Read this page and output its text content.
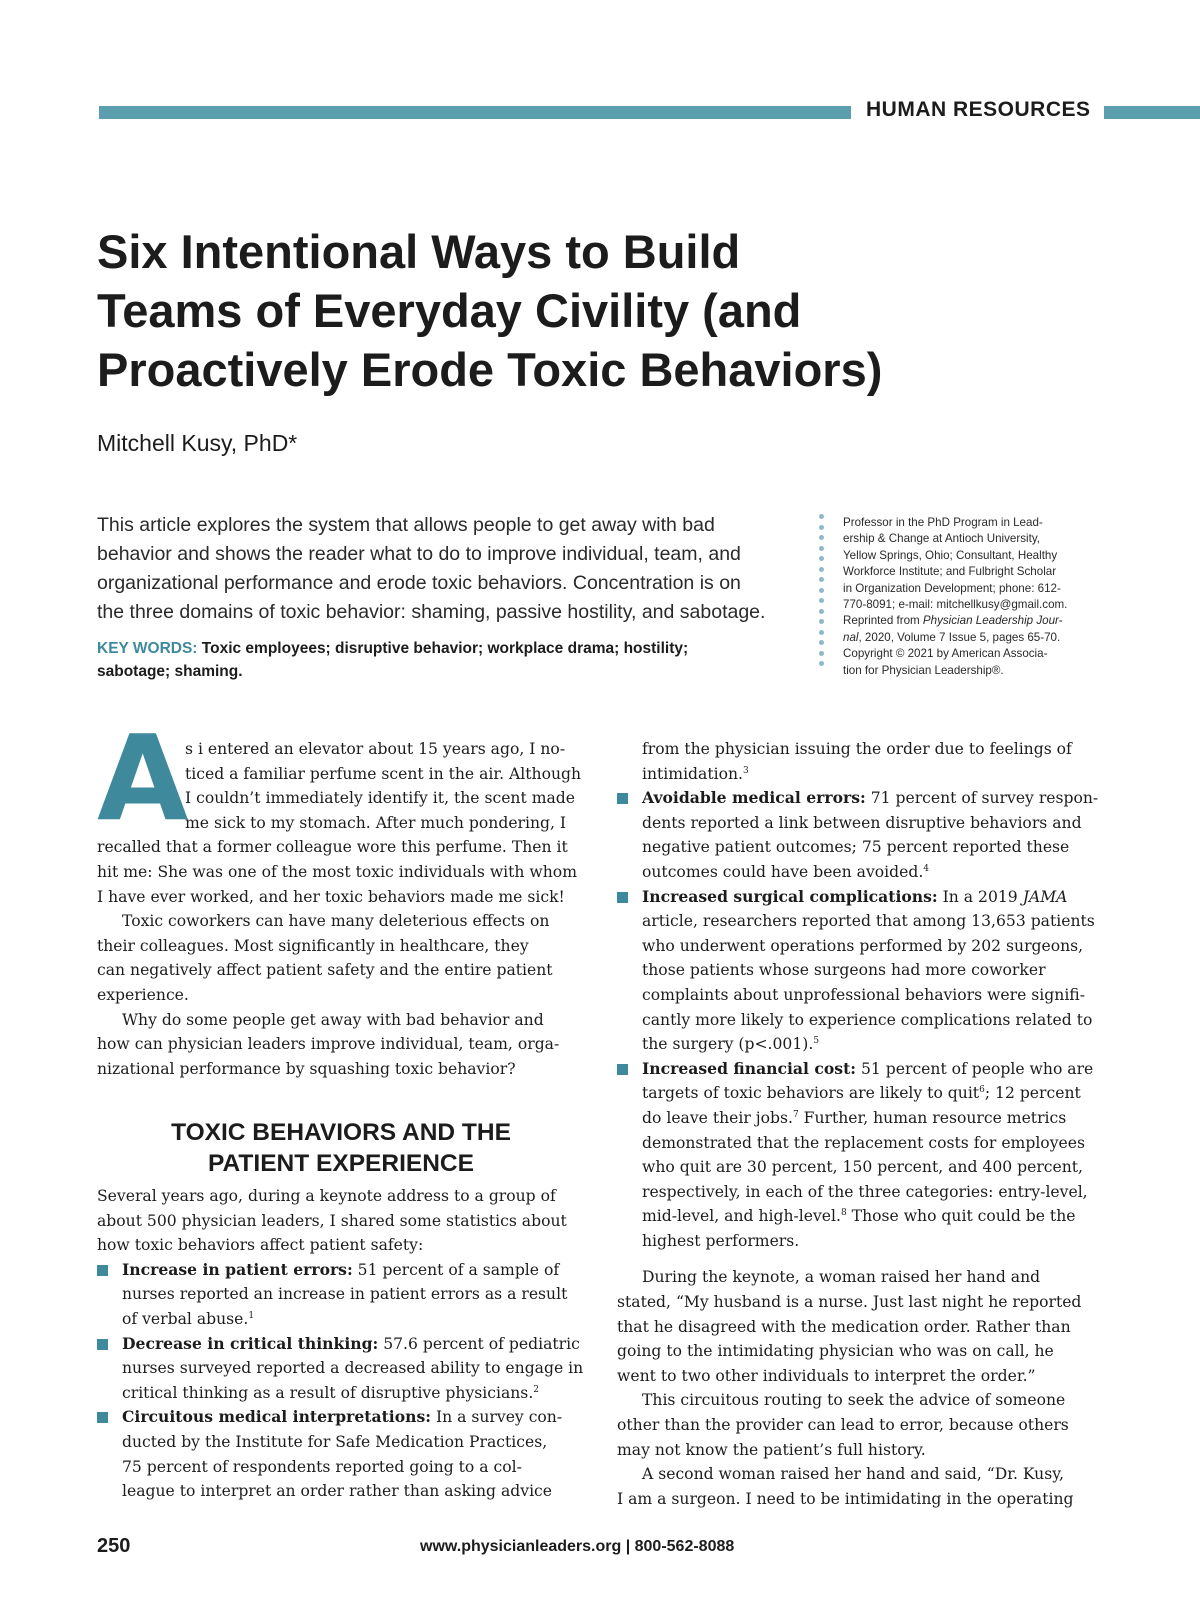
HUMAN RESOURCES
Six Intentional Ways to Build
Teams of Everyday Civility (and
Proactively Erode Toxic Behaviors)
Mitchell Kusy, PhD*
This article explores the system that allows people to get away with bad
behavior and shows the reader what to do to improve individual, team, and
organizational performance and erode toxic behaviors. Concentration is on
the three domains of toxic behavior: shaming, passive hostility, and sabotage.
KEY WORDS: Toxic employees; disruptive behavior; workplace drama; hostility;
sabotage; shaming.
Professor in the PhD Program in Lead-
ership & Change at Antioch University,
Yellow Springs, Ohio; Consultant, Healthy
Workforce Institute; and Fulbright Scholar
in Organization Development; phone: 612-
770-8091; e-mail: mitchellkusy@gmail.com.
Reprinted from Physician Leadership Jour-
nal, 2020, Volume 7 Issue 5, pages 65-70.
Copyright © 2021 by American Associa-
tion for Physician Leadership®.
A
s i entered an elevator about 15 years ago, I no-
ticed a familiar perfume scent in the air. Although
I couldn’t immediately identify it, the scent made
me sick to my stomach. After much pondering, I
recalled that a former colleague wore this perfume. Then it
hit me: She was one of the most toxic individuals with whom
I have ever worked, and her toxic behaviors made me sick!
Toxic coworkers can have many deleterious effects on
their colleagues. Most significantly in healthcare, they
can negatively affect patient safety and the entire patient
experience.
Why do some people get away with bad behavior and
how can physician leaders improve individual, team, orga-
nizational performance by squashing toxic behavior?
TOXIC BEHAVIORS AND THE
PATIENT EXPERIENCE
Several years ago, during a keynote address to a group of
about 500 physician leaders, I shared some statistics about
how toxic behaviors affect patient safety:
Increase in patient errors: 51 percent of a sample of
nurses reported an increase in patient errors as a result
of verbal abuse.$^1$
Decrease in critical thinking: 57.6 percent of pediatric
nurses surveyed reported a decreased ability to engage in
critical thinking as a result of disruptive physicians.$^2$
Circuitous medical interpretations: In a survey con-
ducted by the Institute for Safe Medication Practices,
75 percent of respondents reported going to a col-
league to interpret an order rather than asking advice
from the physician issuing the order due to feelings of
intimidation.$^3$
Avoidable medical errors: 71 percent of survey respon-
dents reported a link between disruptive behaviors and
negative patient outcomes; 75 percent reported these
outcomes could have been avoided.$^4$
Increased surgical complications: In a 2019 JAMA
article, researchers reported that among 13,653 patients
who underwent operations performed by 202 surgeons,
those patients whose surgeons had more coworker
complaints about unprofessional behaviors were signifi-
cantly more likely to experience complications related to
the surgery (p<.001).$^5$
Increased financial cost: 51 percent of people who are
targets of toxic behaviors are likely to quit$^6$; 12 percent
do leave their jobs.$^7$ Further, human resource metrics
demonstrated that the replacement costs for employees
who quit are 30 percent, 150 percent, and 400 percent,
respectively, in each of the three categories: entry-level,
mid-level, and high-level.$^8$ Those who quit could be the
highest performers.
During the keynote, a woman raised her hand and
stated, “My husband is a nurse. Just last night he reported
that he disagreed with the medication order. Rather than
going to the intimidating physician who was on call, he
went to two other individuals to interpret the order.”
This circuitous routing to seek the advice of someone
other than the provider can lead to error, because others
may not know the patient’s full history.
A second woman raised her hand and said, “Dr. Kusy,
I am a surgeon. I need to be intimidating in the operating
250	www.physicianleaders.org | 800-562-8088
